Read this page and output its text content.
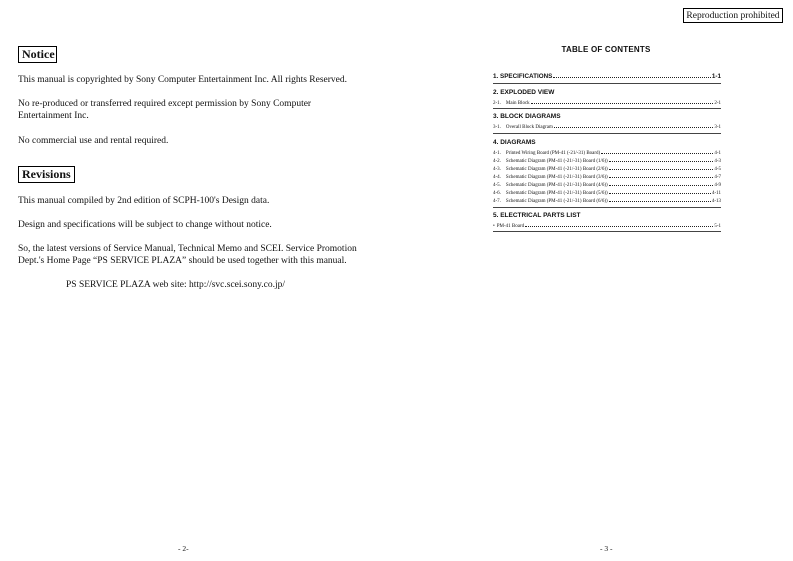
Reproduction prohibited
Notice
This manual is copyrighted by Sony Computer Entertainment Inc. All rights Reserved.
No re-produced or transferred required except permission by Sony Computer Entertainment Inc.
No commercial use and rental required.
Revisions
This manual compiled by 2nd edition of SCPH-100's Design data.
Design and specifications will be subject to change without notice.
So, the latest versions of Service Manual, Technical Memo and SCEI. Service Promotion Dept.'s Home Page “PS SERVICE PLAZA” should be used together with this manual.
PS SERVICE PLAZA web site: http://svc.scei.sony.co.jp/
- 2-
TABLE OF CONTENTS
1. SPECIFICATIONS	1-1
2. EXPLODED VIEW
2-1.	Main Block	2-1
3. BLOCK DIAGRAMS
3-1.	Overall Block Diagram	3-1
4. DIAGRAMS
4-1.	Printed Wiring Board (PM-41 (-21/-31) Board)	4-1
4-2.	Schematic Diagram (PM-41 (-21/-31) Board (1/6))	4-3
4-3.	Schematic Diagram (PM-41 (-21/-31) Board (2/6))	4-5
4-4.	Schematic Diagram (PM-41 (-21/-31) Board (3/6))	4-7
4-5.	Schematic Diagram (PM-41 (-21/-31) Board (4/6))	4-9
4-6.	Schematic Diagram (PM-41 (-21/-31) Board (5/6))	4-11
4-7.	Schematic Diagram (PM-41 (-21/-31) Board (6/6))	4-13
5. ELECTRICAL PARTS LIST
• PM-41 Board	5-1
- 3 -
